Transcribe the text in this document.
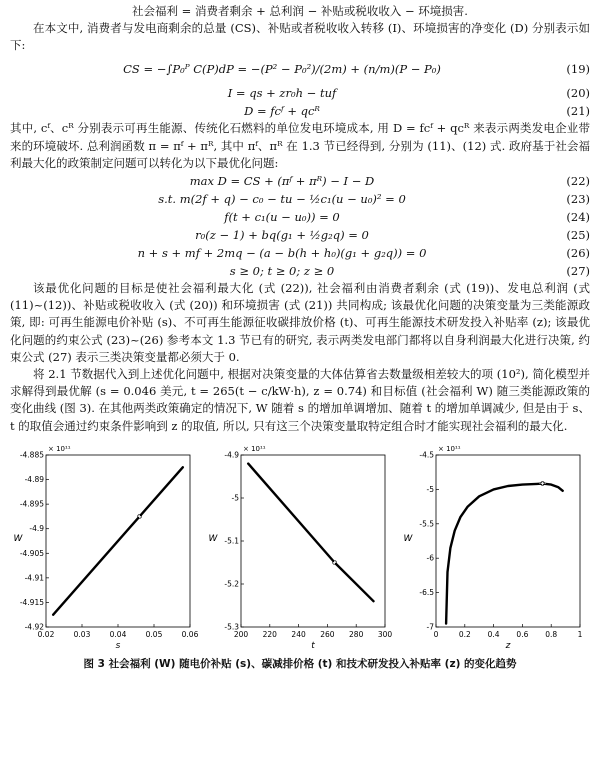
社会福利 = 消费者剩余 + 总利润 − 补贴或税收收入 − 环境损害.

在本文中, 消费者与发电商剩余的总量 (CS)、补贴或者税收收入转移 (I)、环境损害的净变化 (D) 分别表示如下:

CS = −∫P₀ᴾ C(P)dP = −(P² − P₀²)/(2m) + (n/m)(P − P₀)	(19)
I = qs + zr₀h − tuf	(20)
D = fcᶠ + qcᴿ	(21)

其中, cᶠ、cᴿ 分别表示可再生能源、传统化石燃料的单位发电环境成本, 用 D = fcᶠ + qcᴿ 来表示两类发电企业带来的环境破坏. 总利润函数 π = πᶠ + πᴿ, 其中 πᶠ、πᴿ 在 1.3 节已经得到, 分别为 (11)、(12) 式. 政府基于社会福利最大化的政策制定问题可以转化为以下最优化问题:

max D = CS + (πᶠ + πᴿ) − I − D	(22)
s.t. m(2f + q) − c₀ − tu − ½c₁(u − u₀)² = 0	(23)
f(t + c₁(u − u₀)) = 0	(24)
r₀(z − 1) + bq(g₁ + ½g₂q) = 0	(25)
n + s + mf + 2mq − (a − b(h + h₀)(g₁ + g₂q)) = 0	(26)
s ≥ 0; t ≥ 0; z ≥ 0	(27)

该最优化问题的目标是使社会福利最大化 (式 (22)), 社会福利由消费者剩余 (式 (19))、发电总利润 (式 (11)~(12))、补贴或税收收入 (式 (20)) 和环境损害 (式 (21)) 共同构成; 该最优化问题的决策变量为三类能源政策, 即: 可再生能源电价补贴 (s)、不可再生能源征收碳排放价格 (t)、可再生能源技术研发投入补贴率 (z); 该最优化问题的约束公式 (23)~(26) 参考本文 1.3 节已有的研究, 表示两类发电部门都将以自身利润最大化进行决策, 约束公式 (27) 表示三类决策变量都必须大于 0.

将 2.1 节数据代入到上述优化问题中, 根据对决策变量的大体估算省去数量级相差较大的项 (10²), 简化模型并求解得到最优解 (s = 0.046 美元, t = 265(t − c/kW·h), z = 0.74) 和目标值 (社会福利 W) 随三类能源政策的变化曲线 (图 3). 在其他两类政策确定的情况下, W 随着 s 的增加单调增加、随着 t 的增加单调减少, 但是由于 s、t 的取值会通过约束条件影响到 z 的取值, 所以, 只有这三个决策变量取特定组合时才能实现社会福利的最大化.

0.02	0.03	0.04	0.05	0.06
-4.885
-4.89
-4.895
-4.9
-4.905
-4.91
-4.915
-4.92
× 10¹¹
s
W
200 220 240 260 280 300
-4.9
-5
-5.1
-5.2
-5.3
× 10¹¹
t
W
0	0.2 0.4 0.6 0.8	1
-4.5
-5
-5.5
-6
-6.5
-7
× 10¹¹
z
W
图 3 社会福利 (W) 随电价补贴 (s)、碳减排价格 (t) 和技术研发投入补贴率 (z) 的变化趋势
